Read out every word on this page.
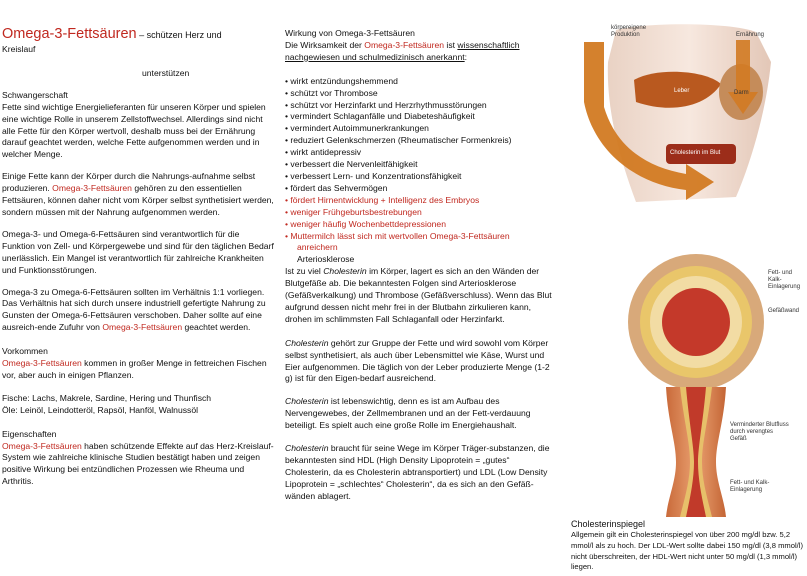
Omega-3-Fettsäuren – schützen Herz und
Kreislauf
unterstützen
Schwangerschaft

Fette sind wichtige Energielieferanten für unseren Körper und spielen eine wichtige Rolle in unserem Zellstoffwechsel. Allerdings sind nicht alle Fette für den Körper wertvoll, deshalb muss bei der Ernährung darauf geachtet werden, welche Fette aufgenommen werden und in welcher Menge.

Einige Fette kann der Körper durch die Nahrungs-aufnahme selbst produzieren. Omega-3-Fettsäuren gehören zu den essentiellen Fettsäuren, können daher nicht vom Körper selbst synthetisiert werden, sondern müssen mit der Nahrung aufgenommen werden.

Omega-3- und Omega-6-Fettsäuren sind verantwortlich für die Funktion von Zell- und Körpergewebe und sind für den täglichen Bedarf unerlässlich. Ein Mangel ist verantwortlich für zahlreiche Krankheiten und Funktionsstörungen.

Omega-3 zu Omega-6-Fettsäuren sollten im Verhältnis 1:1 vorliegen. Das Verhältnis hat sich durch unsere industriell gefertigte Nahrung zu Gunsten der Omega-6-Fettsäuren verschoben. Daher sollte auf eine ausreich-ende Zufuhr von Omega-3-Fettsäuren geachtet werden.

Vorkommen

Omega-3-Fettsäuren kommen in großer Menge in fettreichen Fischen vor, aber auch in einigen Pflanzen.

Fische: Lachs, Makrele, Sardine, Hering und Thunfisch
Öle: Leinöl, Leindotteröl, Rapsöl, Hanföl, Walnussöl
Eigenschaften

Omega-3-Fettsäuren haben schützende Effekte auf das Herz-Kreislauf-System wie zahlreiche klinische Studien bestätigt haben und zeigen positive Wirkung bei entzündlichen Prozessen wie Rheuma und Arthritis.

Wirkung von Omega-3-Fettsäuren

Die Wirksamkeit der Omega-3-Fettsäuren ist wissenschaftlich nachgewiesen und schulmedizinisch anerkannt:

• wirkt entzündungshemmend
• schützt vor Thrombose
• schützt vor Herzinfarkt und Herzrhythmusstörungen
• vermindert Schlaganfälle und Diabeteshäufigkeit
• vermindert Autoimmunerkrankungen
• reduziert Gelenkschmerzen (Rheumatischer Formenkreis)
• wirkt antidepressiv
• verbessert die Nervenleitfähigkeit
• verbessert Lern- und Konzentrationsfähigkeit
• fördert das Sehvermögen
• fördert Hirnentwicklung + Intelligenz des Embryos
• weniger Frühgeburtsbestrebungen
• weniger häufig Wochenbettdepressionen
• Muttermilch lässt sich mit wertvollen Omega-3-Fettsäuren
anreichern
Arteriosklerose

Ist zu viel Cholesterin im Körper, lagert es sich an den Wänden der Blutgefäße ab. Die bekanntesten Folgen sind Arteriosklerose (Gefäßverkalkung) und Thrombose (Gefäßverschluss). Wenn das Blut aufgrund dessen nicht mehr frei in der Blutbahn zirkulieren kann, drohen im schlimmsten Fall Schlaganfall oder Herzinfarkt.

Cholesterin gehört zur Gruppe der Fette und wird sowohl vom Körper selbst synthetisiert, als auch über Lebensmittel wie Käse, Wurst und Eier aufgenommen. Die täglich von der Leber produzierte Menge (1-2 g) ist für den Eigen-bedarf ausreichend.

Cholesterin ist lebenswichtig, denn es ist am Aufbau des Nervengewebes, der Zellmembranen und an der Fett-verdauung beteiligt. Es spielt auch eine große Rolle im Energiehaushalt.

Cholesterin braucht für seine Wege im Körper Träger-substanzen, die bekanntesten sind HDL (High Density Lipoprotein = „gutes“ Cholesterin, da es Cholesterin abtransportiert) und LDL (Low Density Lipoprotein = „schlechtes“ Cholesterin“, da es sich an den Gefäß-wänden ablagert.

körpereigene Produktion	Ernährung
Leber	Darm
Cholesterin im Blut
Fett- und Kalk-Einlagerung
Gefäßwand
Verminderter Blutfluss durch verengtes Gefäß
Fett- und Kalk-Einlagerung
Cholesterinspiegel
Allgemein gilt ein Cholesterinspiegel von über 200 mg/dl bzw. 5,2 mmol/l als zu hoch. Der LDL-Wert sollte dabei 150 mg/dl (3,8 mmol/l) nicht überschreiten, der HDL-Wert nicht unter 50 mg/dl (1,3 mmol/l) liegen.
